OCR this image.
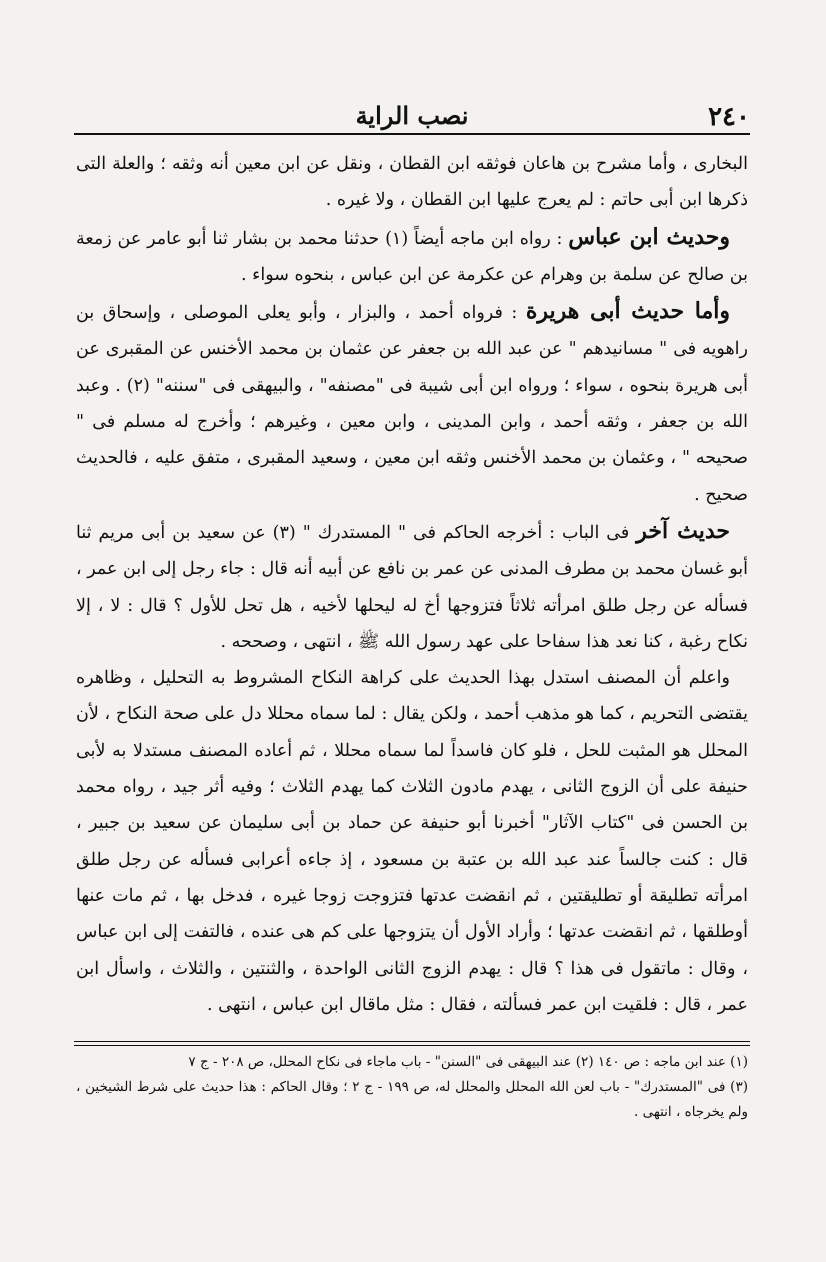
نصب الراية	٢٤٠

البخارى ، وأما مشرح بن هاعان فوثقه ابن القطان ، ونقل عن ابن معين أنه وثقه ؛ والعلة التى ذكرها ابن أبى حاتم : لم يعرج عليها ابن القطان ، ولا غيره .

وحديث ابن عباس : رواه ابن ماجه أيضاً (١) حدثنا محمد بن بشار ثنا أبو عامر عن زمعة بن صالح عن سلمة بن وهرام عن عكرمة عن ابن عباس ، بنحوه سواء .

وأما حديث أبى هريرة : فرواه أحمد ، والبزار ، وأبو يعلى الموصلى ، وإسحاق بن راهويه فى " مسانيدهم " عن عبد الله بن جعفر عن عثمان بن محمد الأخنس عن المقبرى عن أبى هريرة بنحوه ، سواء ؛ ورواه ابن أبى شيبة فى "مصنفه" ، والبيهقى فى "سننه" (٢) . وعبد الله بن جعفر ، وثقه أحمد ، وابن المدينى ، وابن معين ، وغيرهم ؛ وأخرج له مسلم فى " صحيحه " ، وعثمان بن محمد الأخنس وثقه ابن معين ، وسعيد المقبرى ، متفق عليه ، فالحديث صحيح .

حديث آخر فى الباب : أخرجه الحاكم فى " المستدرك " (٣) عن سعيد بن أبى مريم ثنا أبو غسان محمد بن مطرف المدنى عن عمر بن نافع عن أبيه أنه قال : جاء رجل إلى ابن عمر ، فسأله عن رجل طلق امرأته ثلاثاً فتزوجها أخ له ليحلها لأخيه ، هل تحل للأول ؟ قال : لا ، إلا نكاح رغبة ، كنا نعد هذا سفاحا على عهد رسول الله ﷺ ، انتهى ، وصححه .

واعلم أن المصنف استدل بهذا الحديث على كراهة النكاح المشروط به التحليل ، وظاهره يقتضى التحريم ، كما هو مذهب أحمد ، ولكن يقال : لما سماه محللا دل على صحة النكاح ، لأن المحلل هو المثبت للحل ، فلو كان فاسداً لما سماه محللا ، ثم أعاده المصنف مستدلا به لأبى حنيفة على أن الزوج الثانى ، يهدم مادون الثلاث كما يهدم الثلاث ؛ وفيه أثر جيد ، رواه محمد بن الحسن فى "كتاب الآثار" أخبرنا أبو حنيفة عن حماد بن أبى سليمان عن سعيد بن جبير ، قال : كنت جالساً عند عبد الله بن عتبة بن مسعود ، إذ جاءه أعرابى فسأله عن رجل طلق امرأته تطليقة أو تطليقتين ، ثم انقضت عدتها فتزوجت زوجا غيره ، فدخل بها ، ثم مات عنها أوطلقها ، ثم انقضت عدتها ؛ وأراد الأول أن يتزوجها على كم هى عنده ، فالتفت إلى ابن عباس ، وقال : ماتقول فى هذا ؟ قال : يهدم الزوج الثانى الواحدة ، والثنتين ، والثلاث ، واسأل ابن عمر ، قال : فلقيت ابن عمر فسألته ، فقال : مثل ماقال ابن عباس ، انتهى .

(١) عند ابن ماجه : ص ١٤٠ (٢) عند البيهقى فى "السنن" - باب ماجاء فى نكاح المحلل، ص ٢٠٨ - ج ٧

(٣) فى "المستدرك" - باب لعن الله المحلل والمحلل له، ص ١٩٩ - ج ٢ ؛ وقال الحاكم : هذا حديث على شرط الشيخين ، ولم يخرجاه ، انتهى .
